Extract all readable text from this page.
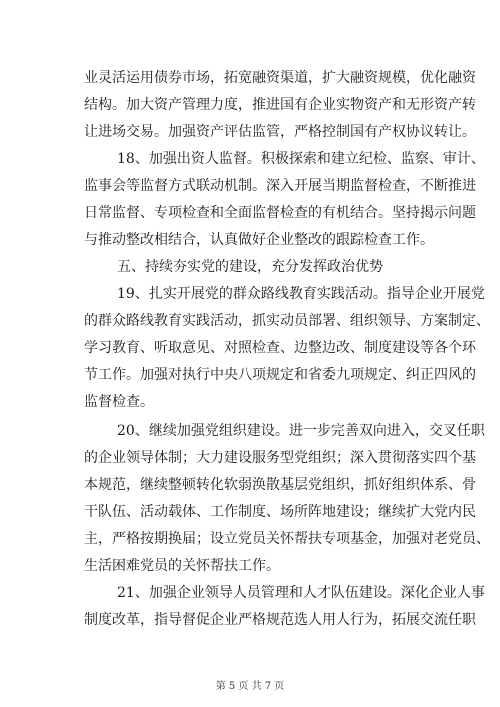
业灵活运用债券市场，拓宽融资渠道，扩大融资规模，优化融资
结构。加大资产管理力度，推进国有企业实物资产和无形资产转
让进场交易。加强资产评估监管，严格控制国有产权协议转让。
18、加强出资人监督。积极探索和建立纪检、监察、审计、
监事会等监督方式联动机制。深入开展当期监督检查，不断推进
日常监督、专项检查和全面监督检查的有机结合。坚持揭示问题
与推动整改相结合，认真做好企业整改的跟踪检查工作。
五、持续夯实党的建设，充分发挥政治优势
19、扎实开展党的群众路线教育实践活动。指导企业开展党
的群众路线教育实践活动，抓实动员部署、组织领导、方案制定、
学习教育、听取意见、对照检查、边整边改、制度建设等各个环
节工作。加强对执行中央八项规定和省委九项规定、纠正四风的
监督检查。
20、继续加强党组织建设。进一步完善双向进入，交叉任职
的企业领导体制；大力建设服务型党组织；深入贯彻落实四个基
本规范，继续整顿转化软弱涣散基层党组织，抓好组织体系、骨
干队伍、活动载体、工作制度、场所阵地建设；继续扩大党内民
主，严格按期换届；设立党员关怀帮扶专项基金，加强对老党员、
生活困难党员的关怀帮扶工作。
21、加强企业领导人员管理和人才队伍建设。深化企业人事
制度改革，指导督促企业严格规范选人用人行为，拓展交流任职
第 5 页 共 7 页
